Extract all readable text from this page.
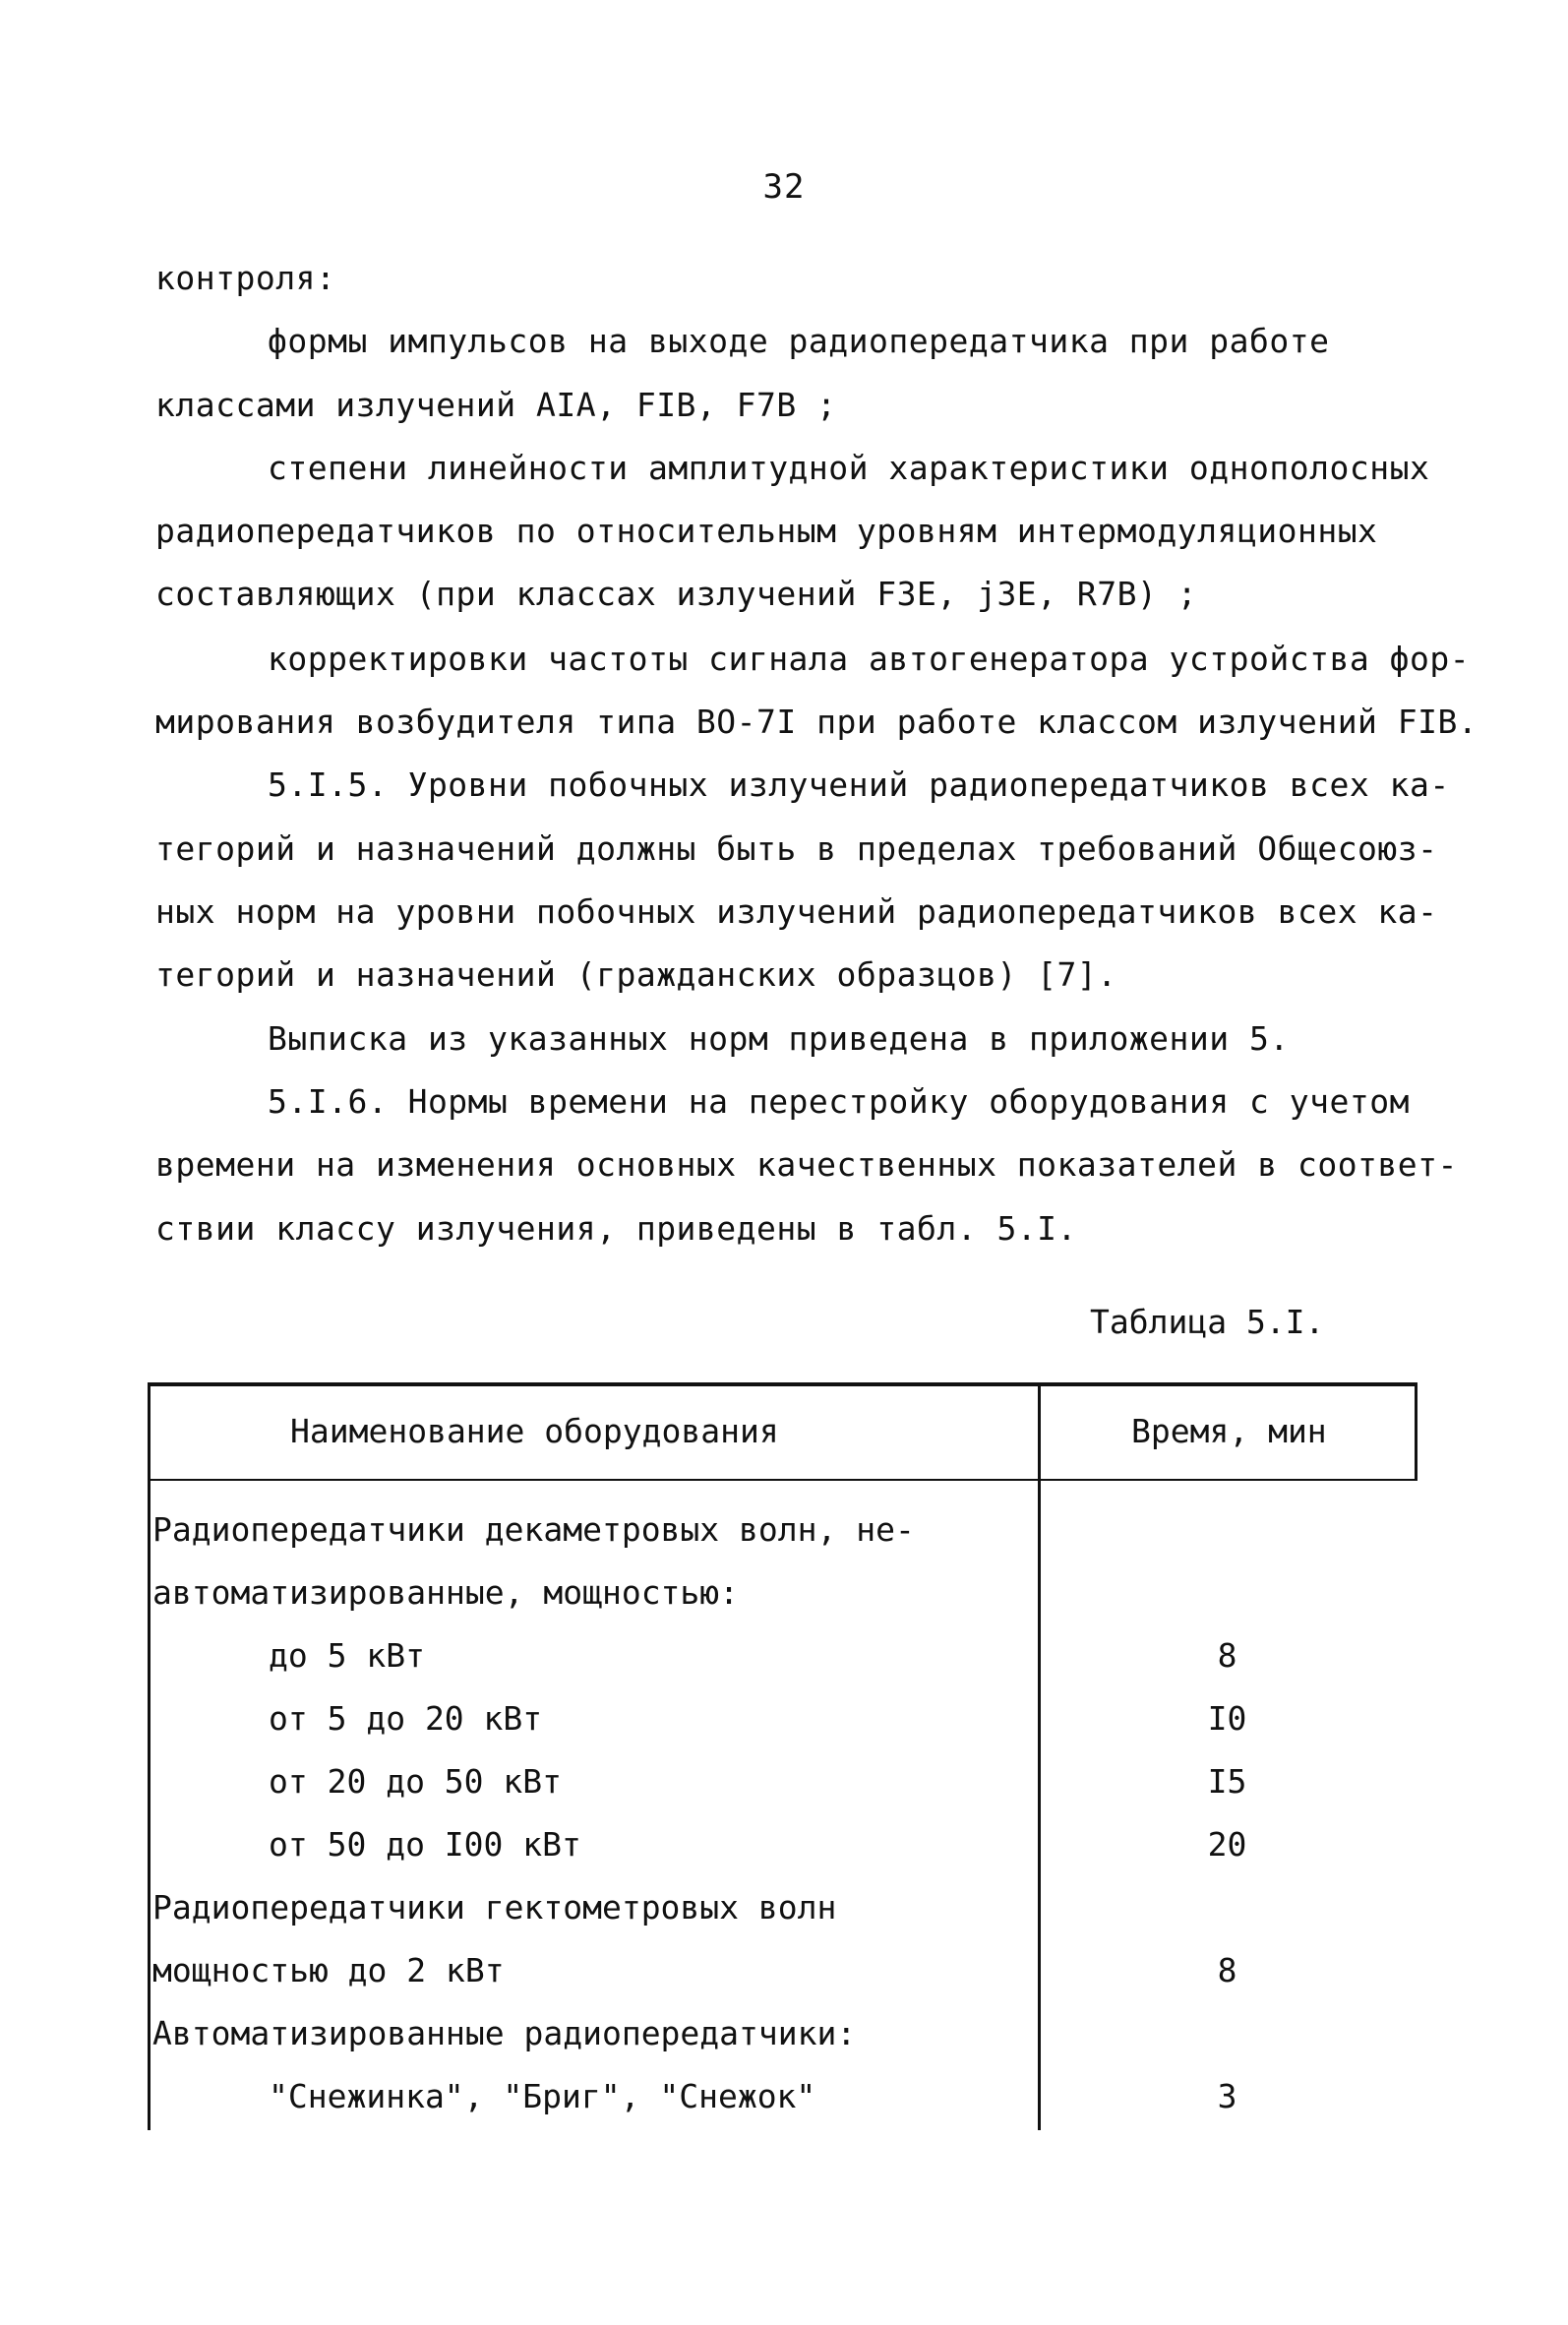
32
контроля:
формы импульсов на выходе радиопередатчика при работе
классами излучений AIA, FIB, F7B ;
степени линейности амплитудной характеристики однополосных
радиопередатчиков по относительным уровням интермодуляционных
составляющих (при классах излучений F3E, j3E, R7B) ;
корректировки частоты сигнала автогенератора устройства фор-
мирования возбудителя типа ВО-7I при работе классом излучений FIB.
5.I.5. Уровни побочных излучений радиопередатчиков всех ка-
тегорий и назначений должны быть в пределах требований Общесоюз-
ных норм на уровни побочных излучений радиопередатчиков всех ка-
тегорий и назначений (гражданских образцов) [7].
Выписка из указанных норм приведена в приложении 5.
5.I.6. Нормы времени на перестройку оборудования с учетом
времени на изменения основных качественных показателей в соответ-
ствии классу излучения, приведены в табл. 5.I.
Таблица 5.I.
Наименование оборудования	Время, мин
Радиопередатчики декаметровых волн, не-
автоматизированные, мощностью:
до 5 кВт	8
от 5 до 20 кВт	I0
от 20 до 50 кВт	I5
от 50 до I00 кВт	20
Радиопередатчики гектометровых волн
мощностью до 2 кВт	8
Автоматизированные радиопередатчики:
"Снежинка", "Бриг", "Снежок"	3
